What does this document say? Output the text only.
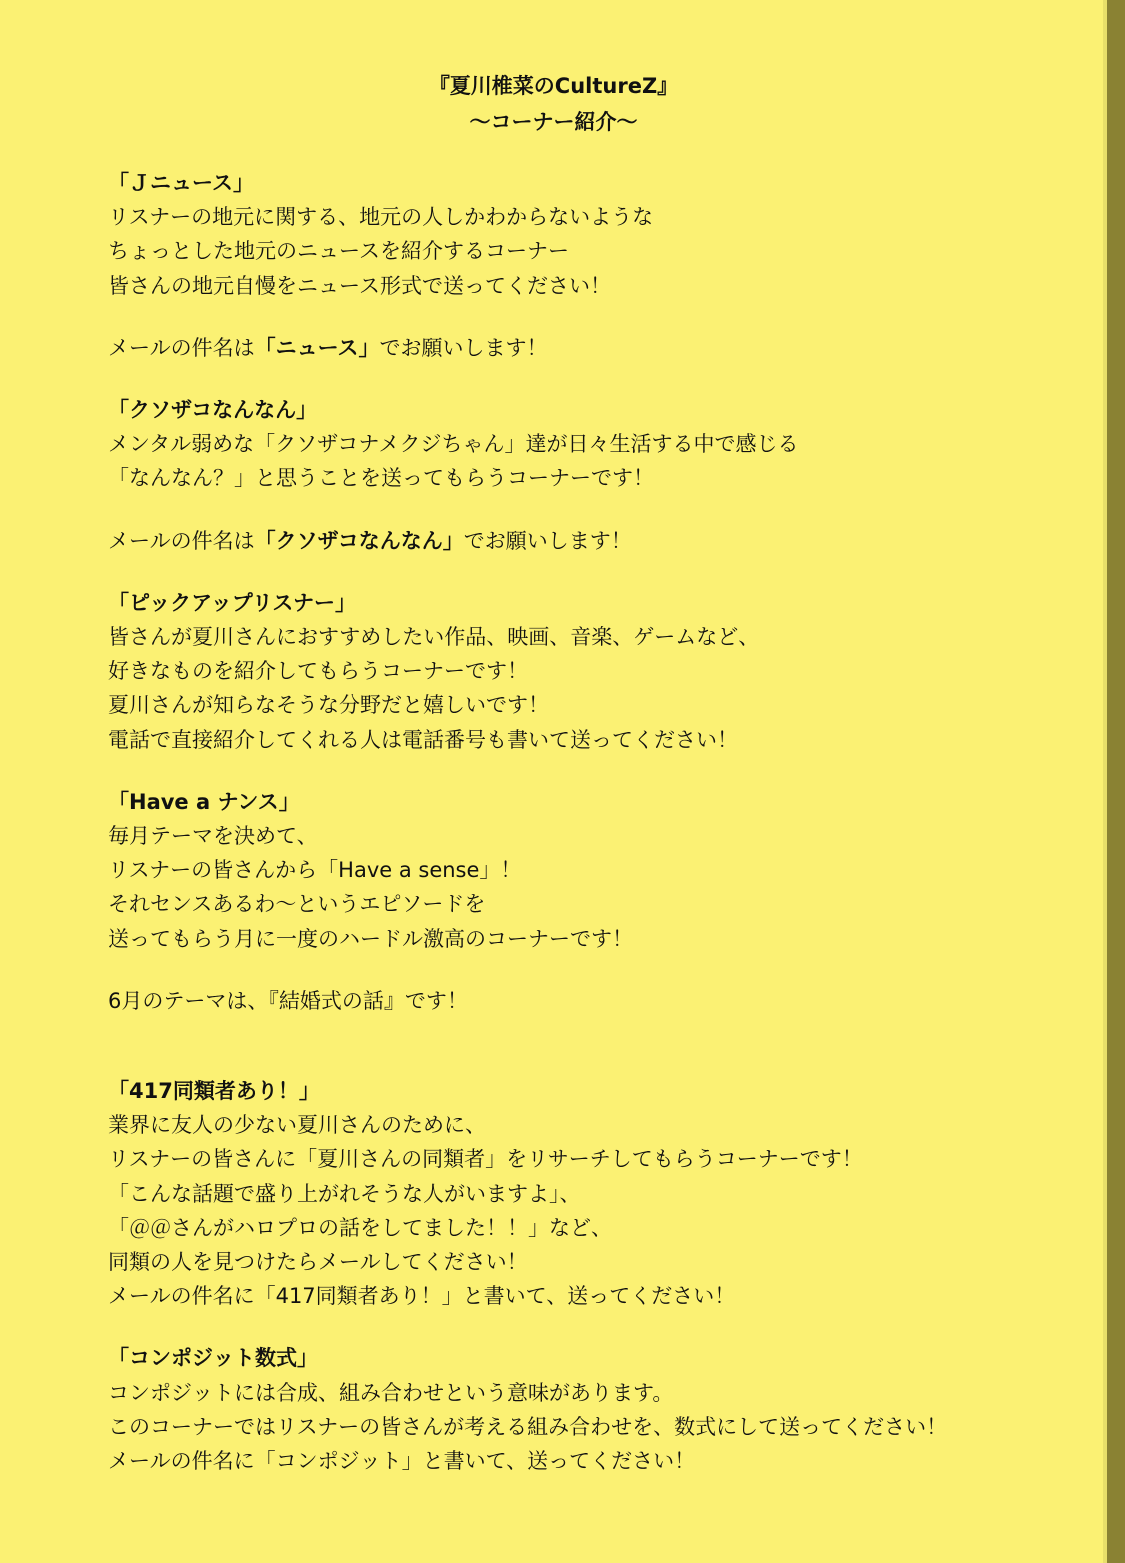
『夏川椎菜のCultureZ』
〜コーナー紹介〜

「Ｊニュース」

リスナーの地元に関する、地元の人しかわからないような

ちょっとした地元のニュースを紹介するコーナー

皆さんの地元自慢をニュース形式で送ってください！

メールの件名は「ニュース」でお願いします！

「クソザコなんなん」

メンタル弱めな「クソザコナメクジちゃん」達が日々生活する中で感じる

「なんなん？」と思うことを送ってもらうコーナーです！

メールの件名は「クソザコなんなん」でお願いします！

「ピックアップリスナー」

皆さんが夏川さんにおすすめしたい作品、映画、音楽、ゲームなど、

好きなものを紹介してもらうコーナーです！

夏川さんが知らなそうな分野だと嬉しいです！

電話で直接紹介してくれる人は電話番号も書いて送ってください！

「Have a ナンス」

毎月テーマを決めて、

リスナーの皆さんから「Have a sense」！

それセンスあるわ〜というエピソードを

送ってもらう月に一度のハードル激高のコーナーです！

6月のテーマは、『結婚式の話』です！

「417同類者あり！」

業界に友人の少ない夏川さんのために、

リスナーの皆さんに「夏川さんの同類者」をリサーチしてもらうコーナーです！

「こんな話題で盛り上がれそうな人がいますよ」、

「＠＠さんがハロプロの話をしてました！！」など、

同類の人を見つけたらメールしてください！

メールの件名に「417同類者あり！」と書いて、送ってください！

「コンポジット数式」

コンポジットには合成、組み合わせという意味があります。

このコーナーではリスナーの皆さんが考える組み合わせを、数式にして送ってください！

メールの件名に「コンポジット」と書いて、送ってください！
